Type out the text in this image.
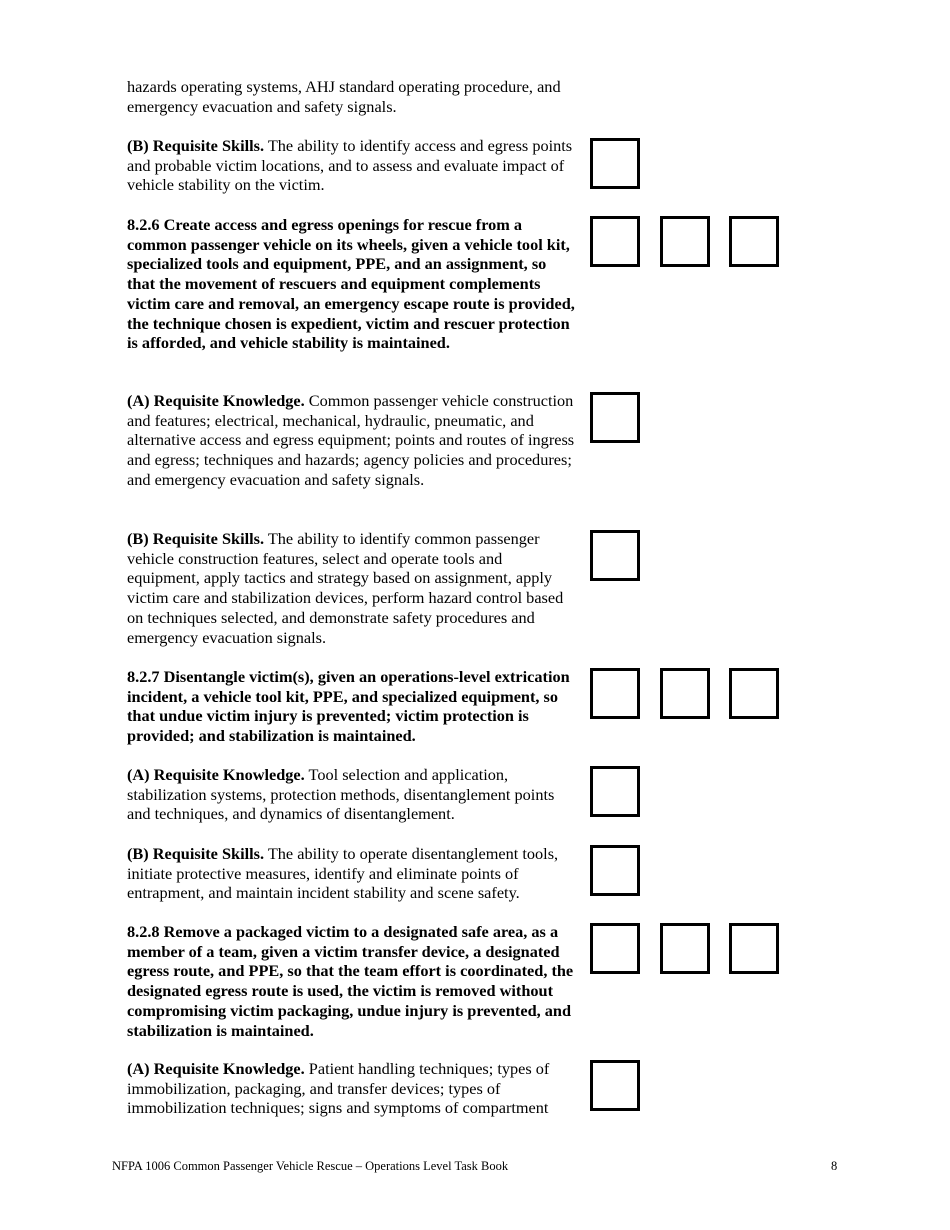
hazards operating systems, AHJ standard operating procedure, and emergency evacuation and safety signals.
(B) Requisite Skills. The ability to identify access and egress points and probable victim locations, and to assess and evaluate impact of vehicle stability on the victim.
8.2.6 Create access and egress openings for rescue from a common passenger vehicle on its wheels, given a vehicle tool kit, specialized tools and equipment, PPE, and an assignment, so that the movement of rescuers and equipment complements victim care and removal, an emergency escape route is provided, the technique chosen is expedient, victim and rescuer protection is afforded, and vehicle stability is maintained.
(A) Requisite Knowledge. Common passenger vehicle construction and features; electrical, mechanical, hydraulic, pneumatic, and alternative access and egress equipment; points and routes of ingress and egress; techniques and hazards; agency policies and procedures; and emergency evacuation and safety signals.
(B) Requisite Skills. The ability to identify common passenger vehicle construction features, select and operate tools and equipment, apply tactics and strategy based on assignment, apply victim care and stabilization devices, perform hazard control based on techniques selected, and demonstrate safety procedures and emergency evacuation signals.
8.2.7 Disentangle victim(s), given an operations-level extrication incident, a vehicle tool kit, PPE, and specialized equipment, so that undue victim injury is prevented; victim protection is provided; and stabilization is maintained.
(A) Requisite Knowledge. Tool selection and application, stabilization systems, protection methods, disentanglement points and techniques, and dynamics of disentanglement.
(B) Requisite Skills. The ability to operate disentanglement tools, initiate protective measures, identify and eliminate points of entrapment, and maintain incident stability and scene safety.
8.2.8 Remove a packaged victim to a designated safe area, as a member of a team, given a victim transfer device, a designated egress route, and PPE, so that the team effort is coordinated, the designated egress route is used, the victim is removed without compromising victim packaging, undue injury is prevented, and stabilization is maintained.
(A) Requisite Knowledge. Patient handling techniques; types of immobilization, packaging, and transfer devices; types of immobilization techniques; signs and symptoms of compartment
NFPA 1006 Common Passenger Vehicle Rescue – Operations Level Task Book	8
